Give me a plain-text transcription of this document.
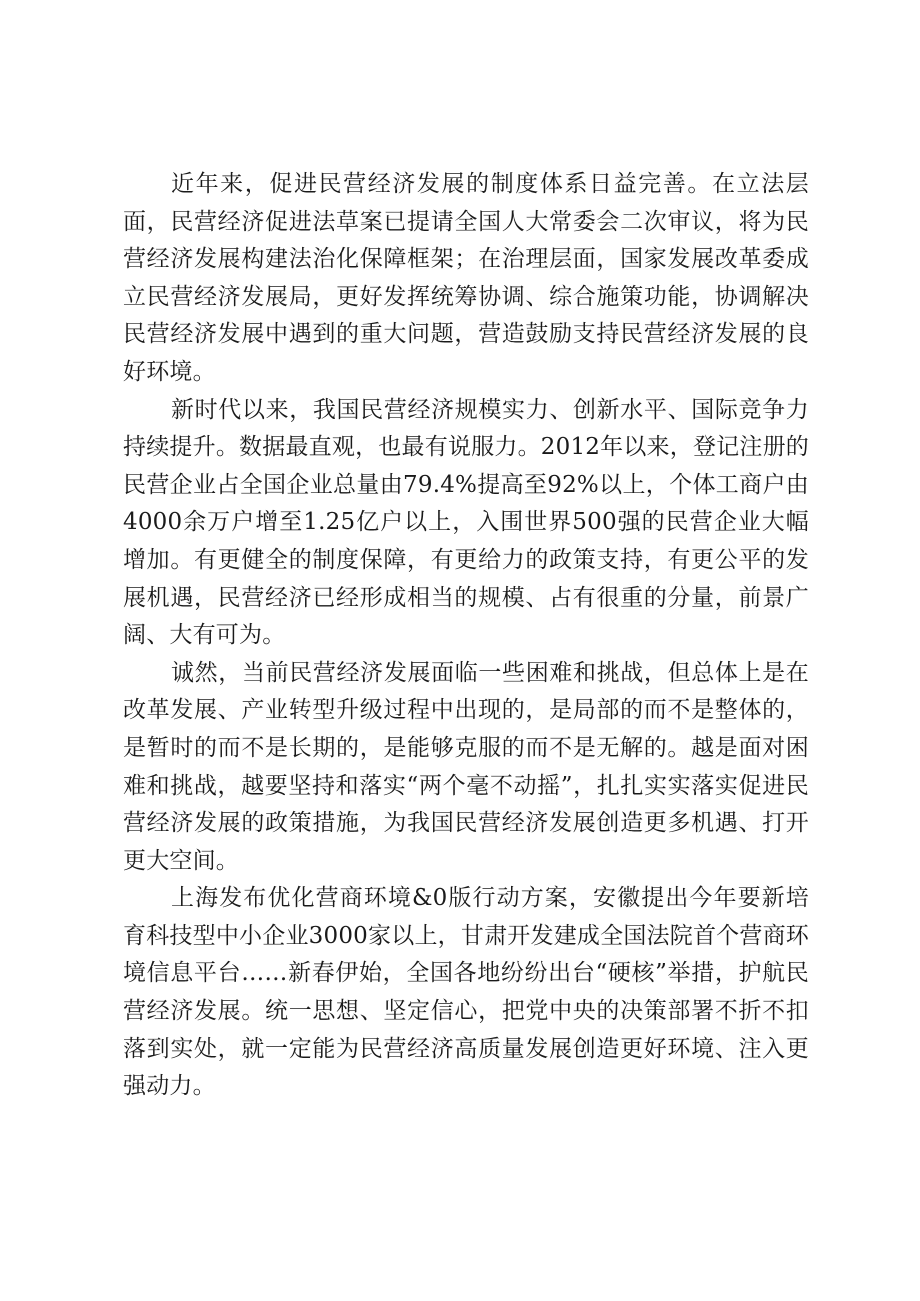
近年来，促进民营经济发展的制度体系日益完善。在立法层面，民营经济促进法草案已提请全国人大常委会二次审议，将为民营经济发展构建法治化保障框架；在治理层面，国家发展改革委成立民营经济发展局，更好发挥统筹协调、综合施策功能，协调解决民营经济发展中遇到的重大问题，营造鼓励支持民营经济发展的良好环境。

新时代以来，我国民营经济规模实力、创新水平、国际竞争力持续提升。数据最直观，也最有说服力。2012年以来，登记注册的民营企业占全国企业总量由79.4%提高至92%以上，个体工商户由4000余万户增至1.25亿户以上，入围世界500强的民营企业大幅增加。有更健全的制度保障，有更给力的政策支持，有更公平的发展机遇，民营经济已经形成相当的规模、占有很重的分量，前景广阔、大有可为。

诚然，当前民营经济发展面临一些困难和挑战，但总体上是在改革发展、产业转型升级过程中出现的，是局部的而不是整体的，是暂时的而不是长期的，是能够克服的而不是无解的。越是面对困难和挑战，越要坚持和落实“两个毫不动摇”，扎扎实实落实促进民营经济发展的政策措施，为我国民营经济发展创造更多机遇、打开更大空间。

上海发布优化营商环境&0版行动方案，安徽提出今年要新培育科技型中小企业3000家以上，甘肃开发建成全国法院首个营商环境信息平台……新春伊始，全国各地纷纷出台“硬核”举措，护航民营经济发展。统一思想、坚定信心，把党中央的决策部署不折不扣落到实处，就一定能为民营经济高质量发展创造更好环境、注入更强动力。
